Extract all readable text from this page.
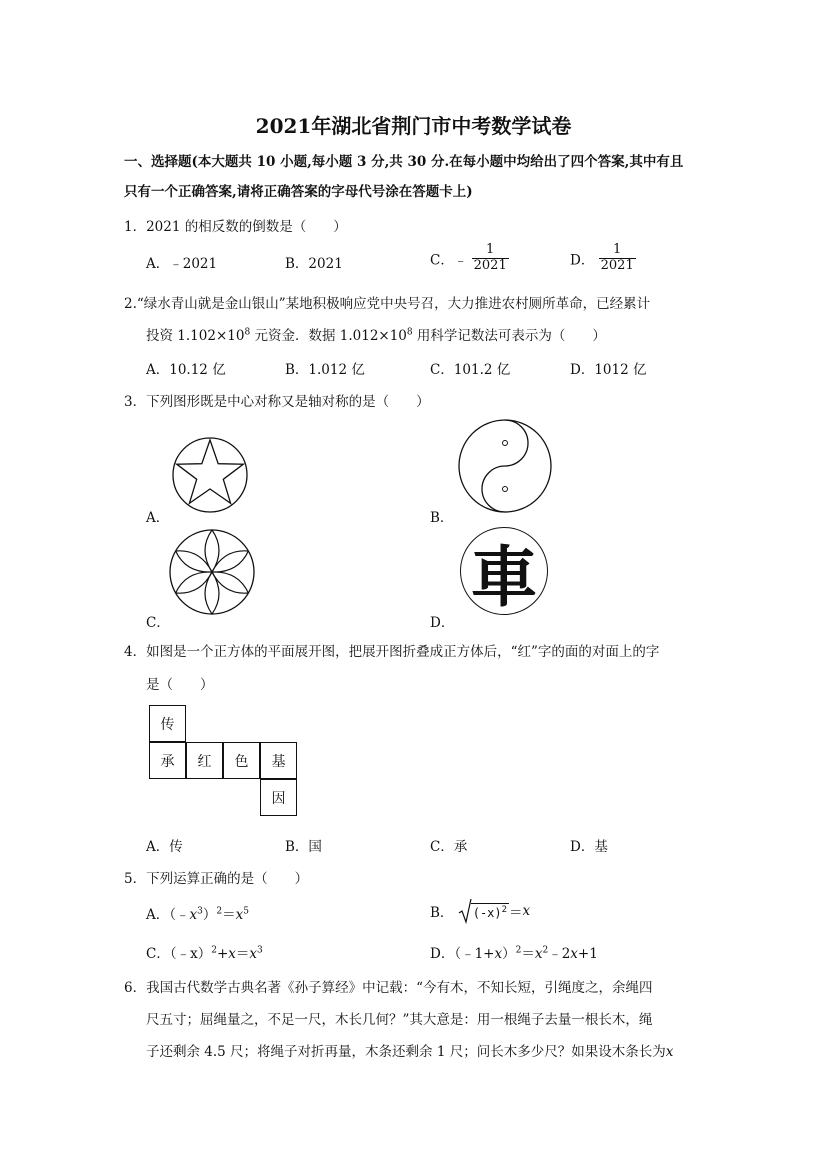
2021年湖北省荆门市中考数学试卷
一、选择题(本大题共 10 小题,每小题 3 分,共 30 分.在每小题中均给出了四个答案,其中有且
只有一个正确答案,请将正确答案的字母代号涂在答题卡上)
1．2021 的相反数的倒数是（　　）
A．﹣2021	B．2021	C．﹣ $\frac{1}{2021}$	D． $\frac{1}{2021}$
2.“绿水青山就是金山银山”某地积极响应党中央号召，大力推进农村厕所革命，已经累计
投资 $1.102\times 10^8$ 元资金．数据 $1.012\times 10^8$ 用科学记数法可表示为（　　）
A．10.12 亿	B．1.012 亿	C．101.2 亿	D．1012 亿
3．下列图形既是中心对称又是轴对称的是（　　）
A．	B．
C．	D．
車
4．如图是一个正方体的平面展开图，把展开图折叠成正方体后，“红”字的面的对面上的字
是（　　）
传
承	红	色	基
因
A．传	B．国	C．承	D．基
5．下列运算正确的是（　　）
A．$(﹣x^3)^2=x^5$	B． $(-x)^2 =x$
C．$(﹣x)^2+x=x^3$	D．$(﹣1+x)^2=x^2﹣2x+1$
6．我国古代数学古典名著《孙子算经》中记载：“今有木，不知长短，引绳度之，余绳四
尺五寸；屈绳量之，不足一尺，木长几何？”其大意是：用一根绳子去量一根长木，绳
子还剩余 4.5 尺；将绳子对折再量，木条还剩余 1 尺；问长木多少尺？如果设木条长为x
